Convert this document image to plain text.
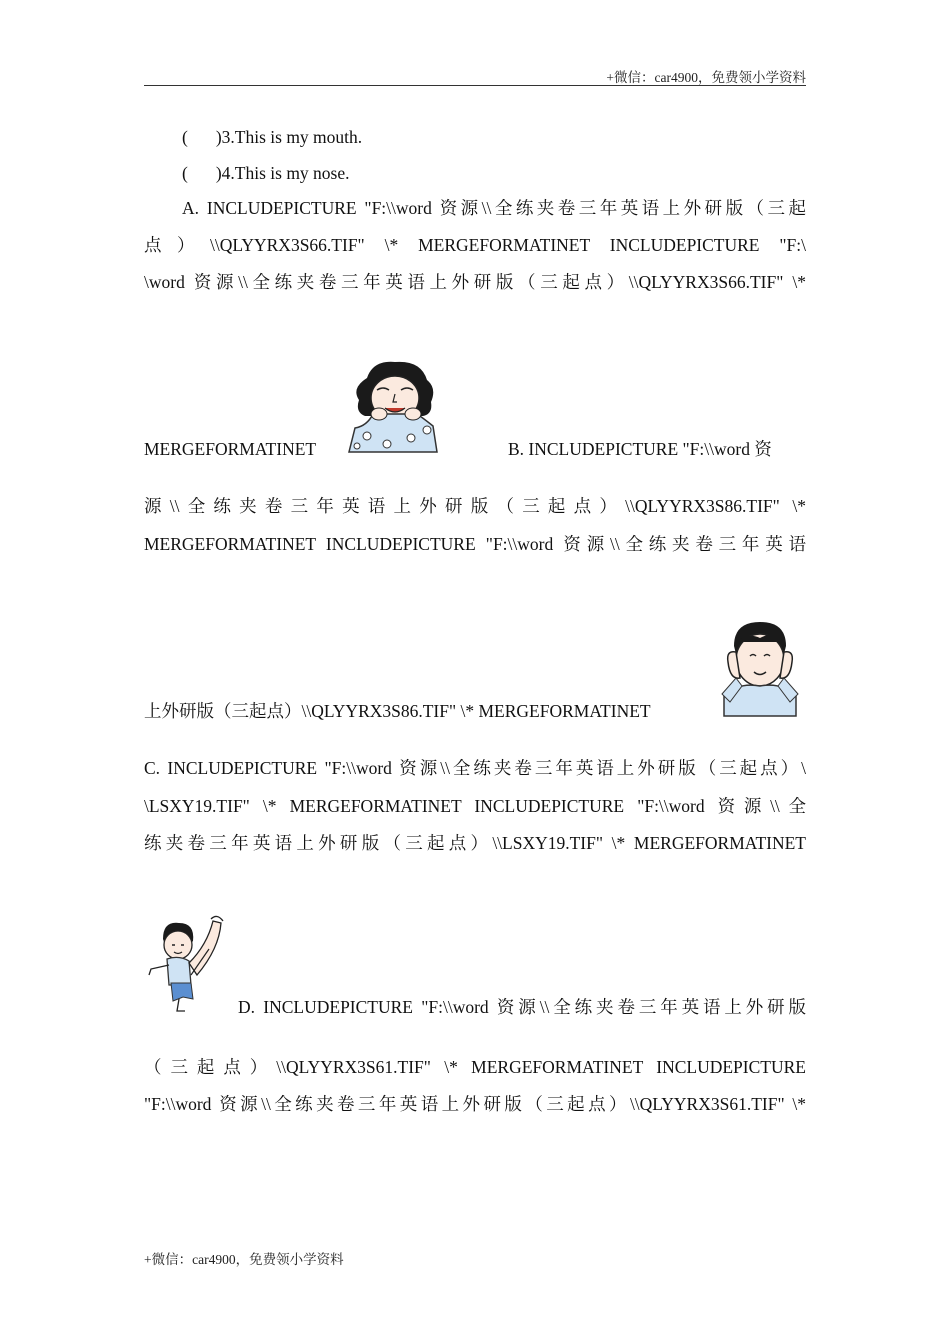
+微信：car4900，免费领小学资料
( )3.This is my mouth.
( )4.This is my nose.
A. INCLUDEPICTURE "F:\\word 资源\\全练夹卷三年英语上外研版（三起
点）\\QLYYRX3S66.TIF" \* MERGEFORMATINET INCLUDEPICTURE "F:\
\word 资源\\全练夹卷三年英语上外研版（三起点）\\QLYYRX3S66.TIF" \*
MERGEFORMATINET	B. INCLUDEPICTURE "F:\\word 资
源\\全练夹卷三年英语上外研版（三起点）\\QLYYRX3S86.TIF" \*
MERGEFORMATINET INCLUDEPICTURE "F:\\word 资源\\全练夹卷三年英语
上外研版（三起点）\\QLYYRX3S86.TIF" \* MERGEFORMATINET
C. INCLUDEPICTURE "F:\\word 资源\\全练夹卷三年英语上外研版（三起点）\
\LSXY19.TIF" \* MERGEFORMATINET INCLUDEPICTURE "F:\\word 资源\\全
练夹卷三年英语上外研版（三起点）\\LSXY19.TIF" \* MERGEFORMATINET
D. INCLUDEPICTURE "F:\\word 资源\\全练夹卷三年英语上外研版
（三起点）\\QLYYRX3S61.TIF" \* MERGEFORMATINET INCLUDEPICTURE
"F:\\word 资源\\全练夹卷三年英语上外研版（三起点）\\QLYYRX3S61.TIF" \*
+微信：car4900，免费领小学资料
